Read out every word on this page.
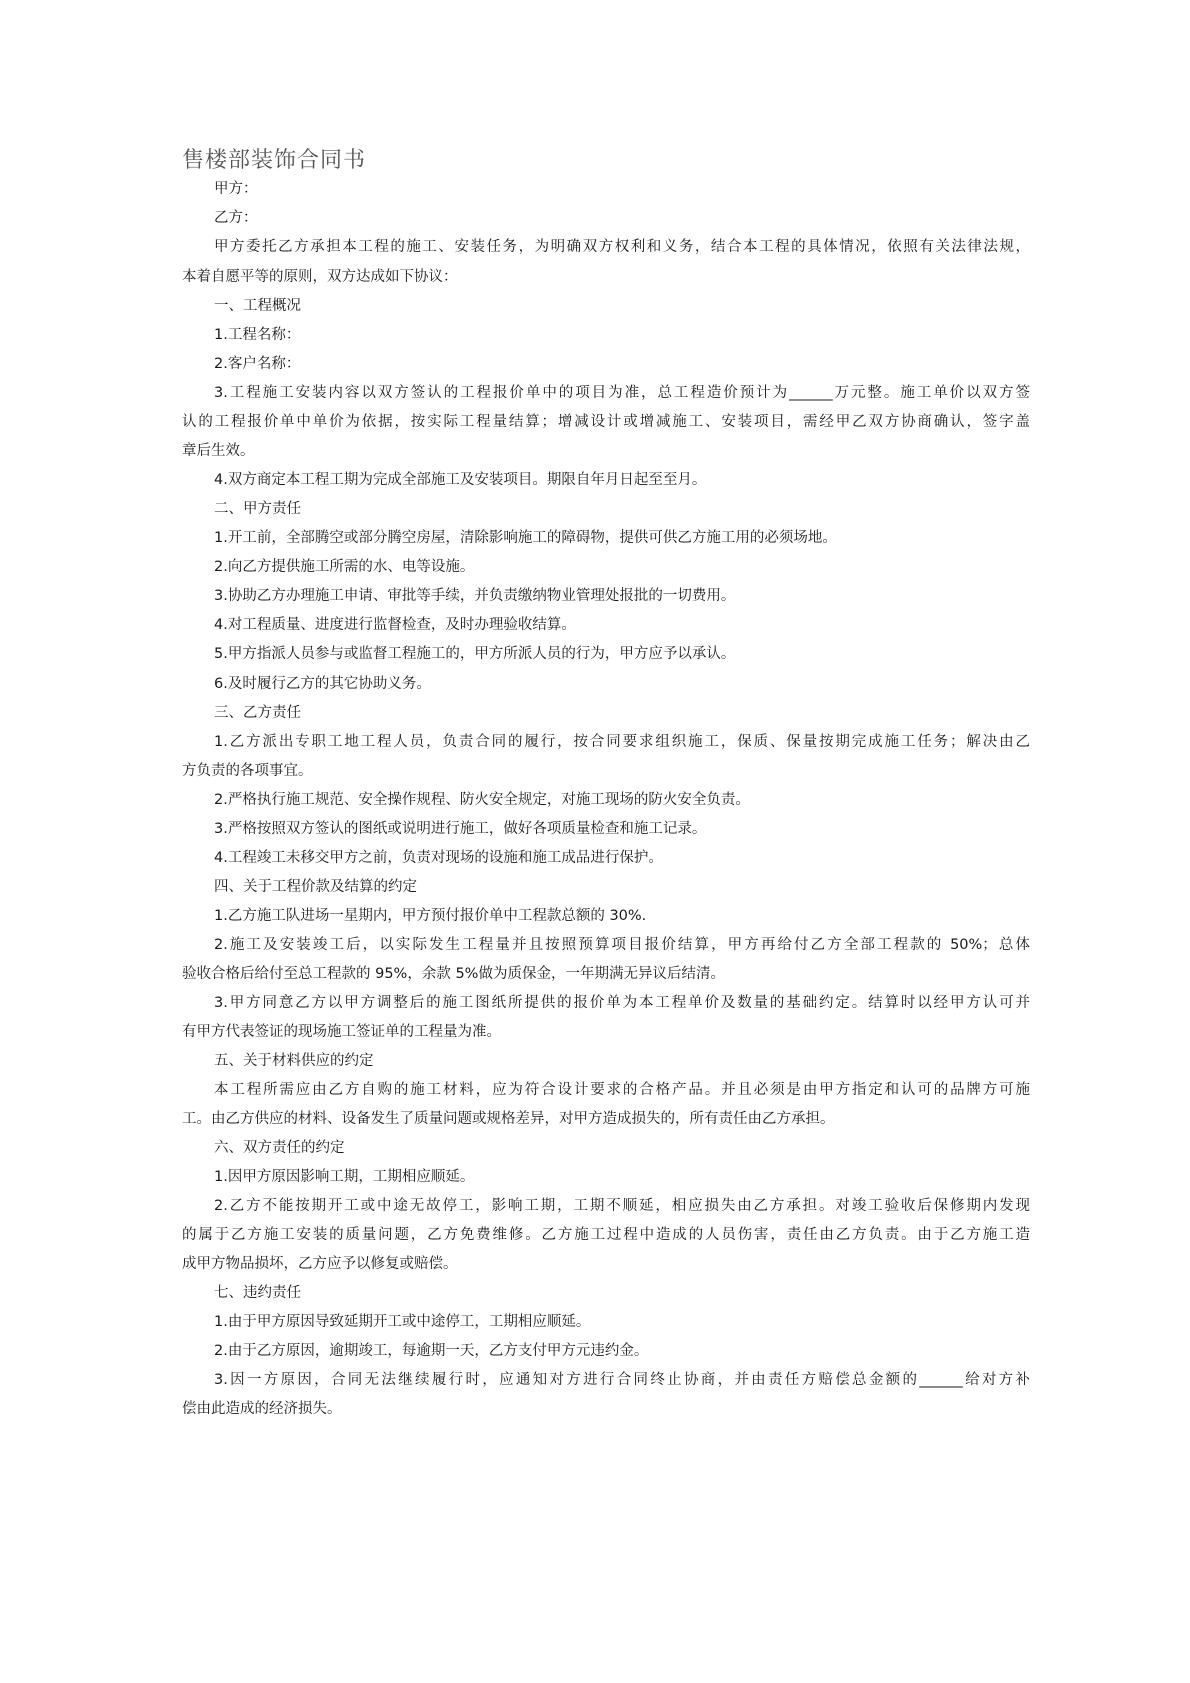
售楼部装饰合同书
甲方：
乙方：
甲方委托乙方承担本工程的施工、安装任务，为明确双方权利和义务，结合本工程的具体情况，依照有关法律法规，
本着自愿平等的原则，双方达成如下协议：
一、工程概况
1.工程名称：
2.客户名称：
3.工程施工安装内容以双方签认的工程报价单中的项目为准，总工程造价预计为______万元整。施工单价以双方签
认的工程报价单中单价为依据，按实际工程量结算；增减设计或增减施工、安装项目，需经甲乙双方协商确认，签字盖
章后生效。
4.双方商定本工程工期为完成全部施工及安装项目。期限自年月日起至至月。
二、甲方责任
1.开工前，全部腾空或部分腾空房屋，清除影响施工的障碍物，提供可供乙方施工用的必须场地。
2.向乙方提供施工所需的水、电等设施。
3.协助乙方办理施工申请、审批等手续，并负责缴纳物业管理处报批的一切费用。
4.对工程质量、进度进行监督检查，及时办理验收结算。
5.甲方指派人员参与或监督工程施工的，甲方所派人员的行为，甲方应予以承认。
6.及时履行乙方的其它协助义务。
三、乙方责任
1.乙方派出专职工地工程人员，负责合同的履行，按合同要求组织施工，保质、保量按期完成施工任务；解决由乙
方负责的各项事宜。
2.严格执行施工规范、安全操作规程、防火安全规定，对施工现场的防火安全负责。
3.严格按照双方签认的图纸或说明进行施工，做好各项质量检查和施工记录。
4.工程竣工未移交甲方之前，负责对现场的设施和施工成品进行保护。
四、关于工程价款及结算的约定
1.乙方施工队进场一星期内，甲方预付报价单中工程款总额的 30%.
2.施工及安装竣工后，以实际发生工程量并且按照预算项目报价结算，甲方再给付乙方全部工程款的 50%；总体
验收合格后给付至总工程款的 95%，余款 5%做为质保金，一年期满无异议后结清。
3.甲方同意乙方以甲方调整后的施工图纸所提供的报价单为本工程单价及数量的基础约定。结算时以经甲方认可并
有甲方代表签证的现场施工签证单的工程量为准。
五、关于材料供应的约定
本工程所需应由乙方自购的施工材料，应为符合设计要求的合格产品。并且必须是由甲方指定和认可的品牌方可施
工。由乙方供应的材料、设备发生了质量问题或规格差异，对甲方造成损失的，所有责任由乙方承担。
六、双方责任的约定
1.因甲方原因影响工期，工期相应顺延。
2.乙方不能按期开工或中途无故停工，影响工期，工期不顺延，相应损失由乙方承担。对竣工验收后保修期内发现
的属于乙方施工安装的质量问题，乙方免费维修。乙方施工过程中造成的人员伤害，责任由乙方负责。由于乙方施工造
成甲方物品损坏，乙方应予以修复或赔偿。
七、违约责任
1.由于甲方原因导致延期开工或中途停工，工期相应顺延。
2.由于乙方原因，逾期竣工，每逾期一天，乙方支付甲方元违约金。
3.因一方原因，合同无法继续履行时，应通知对方进行合同终止协商，并由责任方赔偿总金额的______给对方补
偿由此造成的经济损失。
